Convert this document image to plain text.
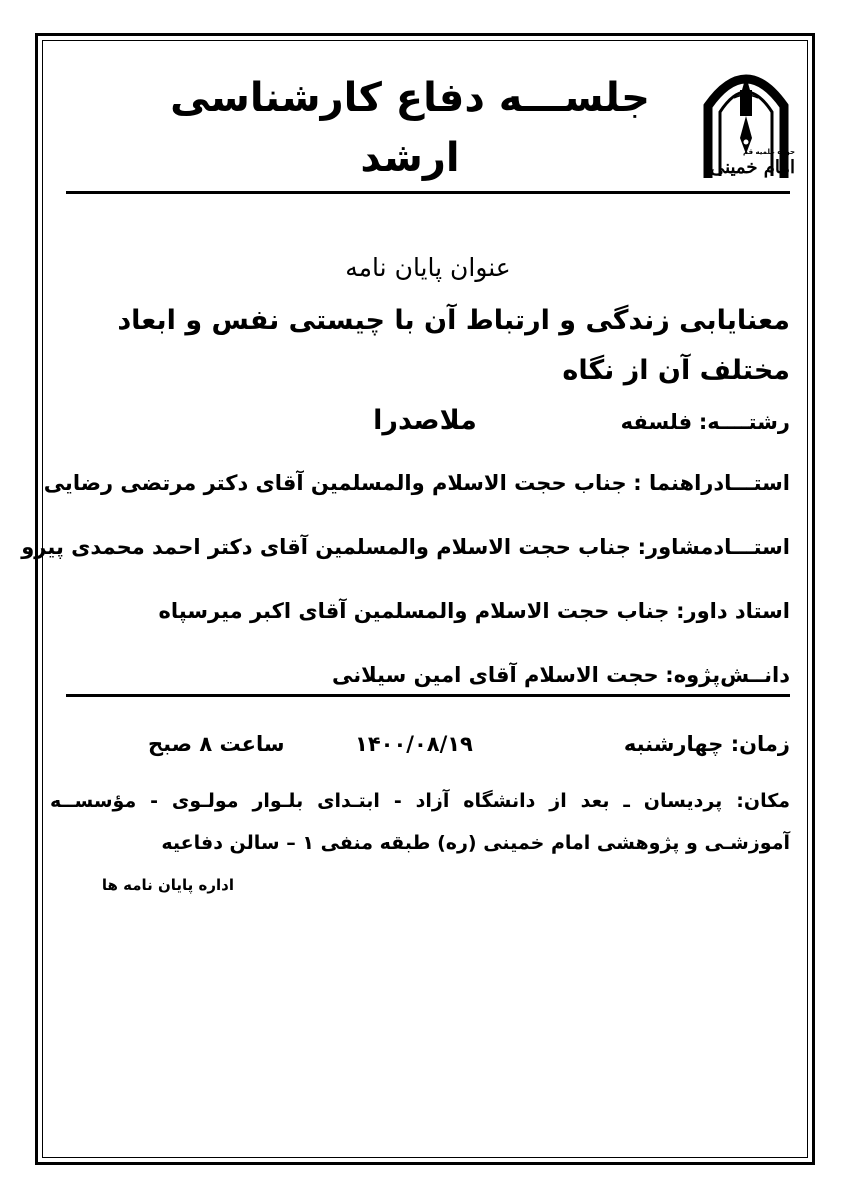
حوزه علمیه قم
امام خمینی
جلســـه دفاع کارشناسی ارشد
عنوان پایان نامه
معنایابی زندگی و ارتباط آن با چیستی نفس و ابعاد مختلف آن از نگاه
ملاصدرا	رشتــــه: فلسفه
استـــادراهنما : جناب حجت الاسلام والمسلمین آقای دکتر مرتضی رضایی
استـــادمشاور: جناب حجت الاسلام والمسلمین آقای دکتر احمد محمدی پیرو
استاد داور: جناب حجت الاسلام والمسلمین آقای اکبر میرسپاه
دانــش‌پژوه: حجت الاسلام آقای امین سیلانی
زمان: چهارشنبه
۱۴۰۰/۰۸/۱۹
ساعت ۸ صبح
مکان: پردیسان ـ بعد از دانشگاه آزاد - ابتـدای بلـوار مولـوی - مؤسســه آموزشـی و پژوهشی امام خمینی (ره) طبقه منفی ۱ – سالن دفاعیه
اداره پایان نامه ها
